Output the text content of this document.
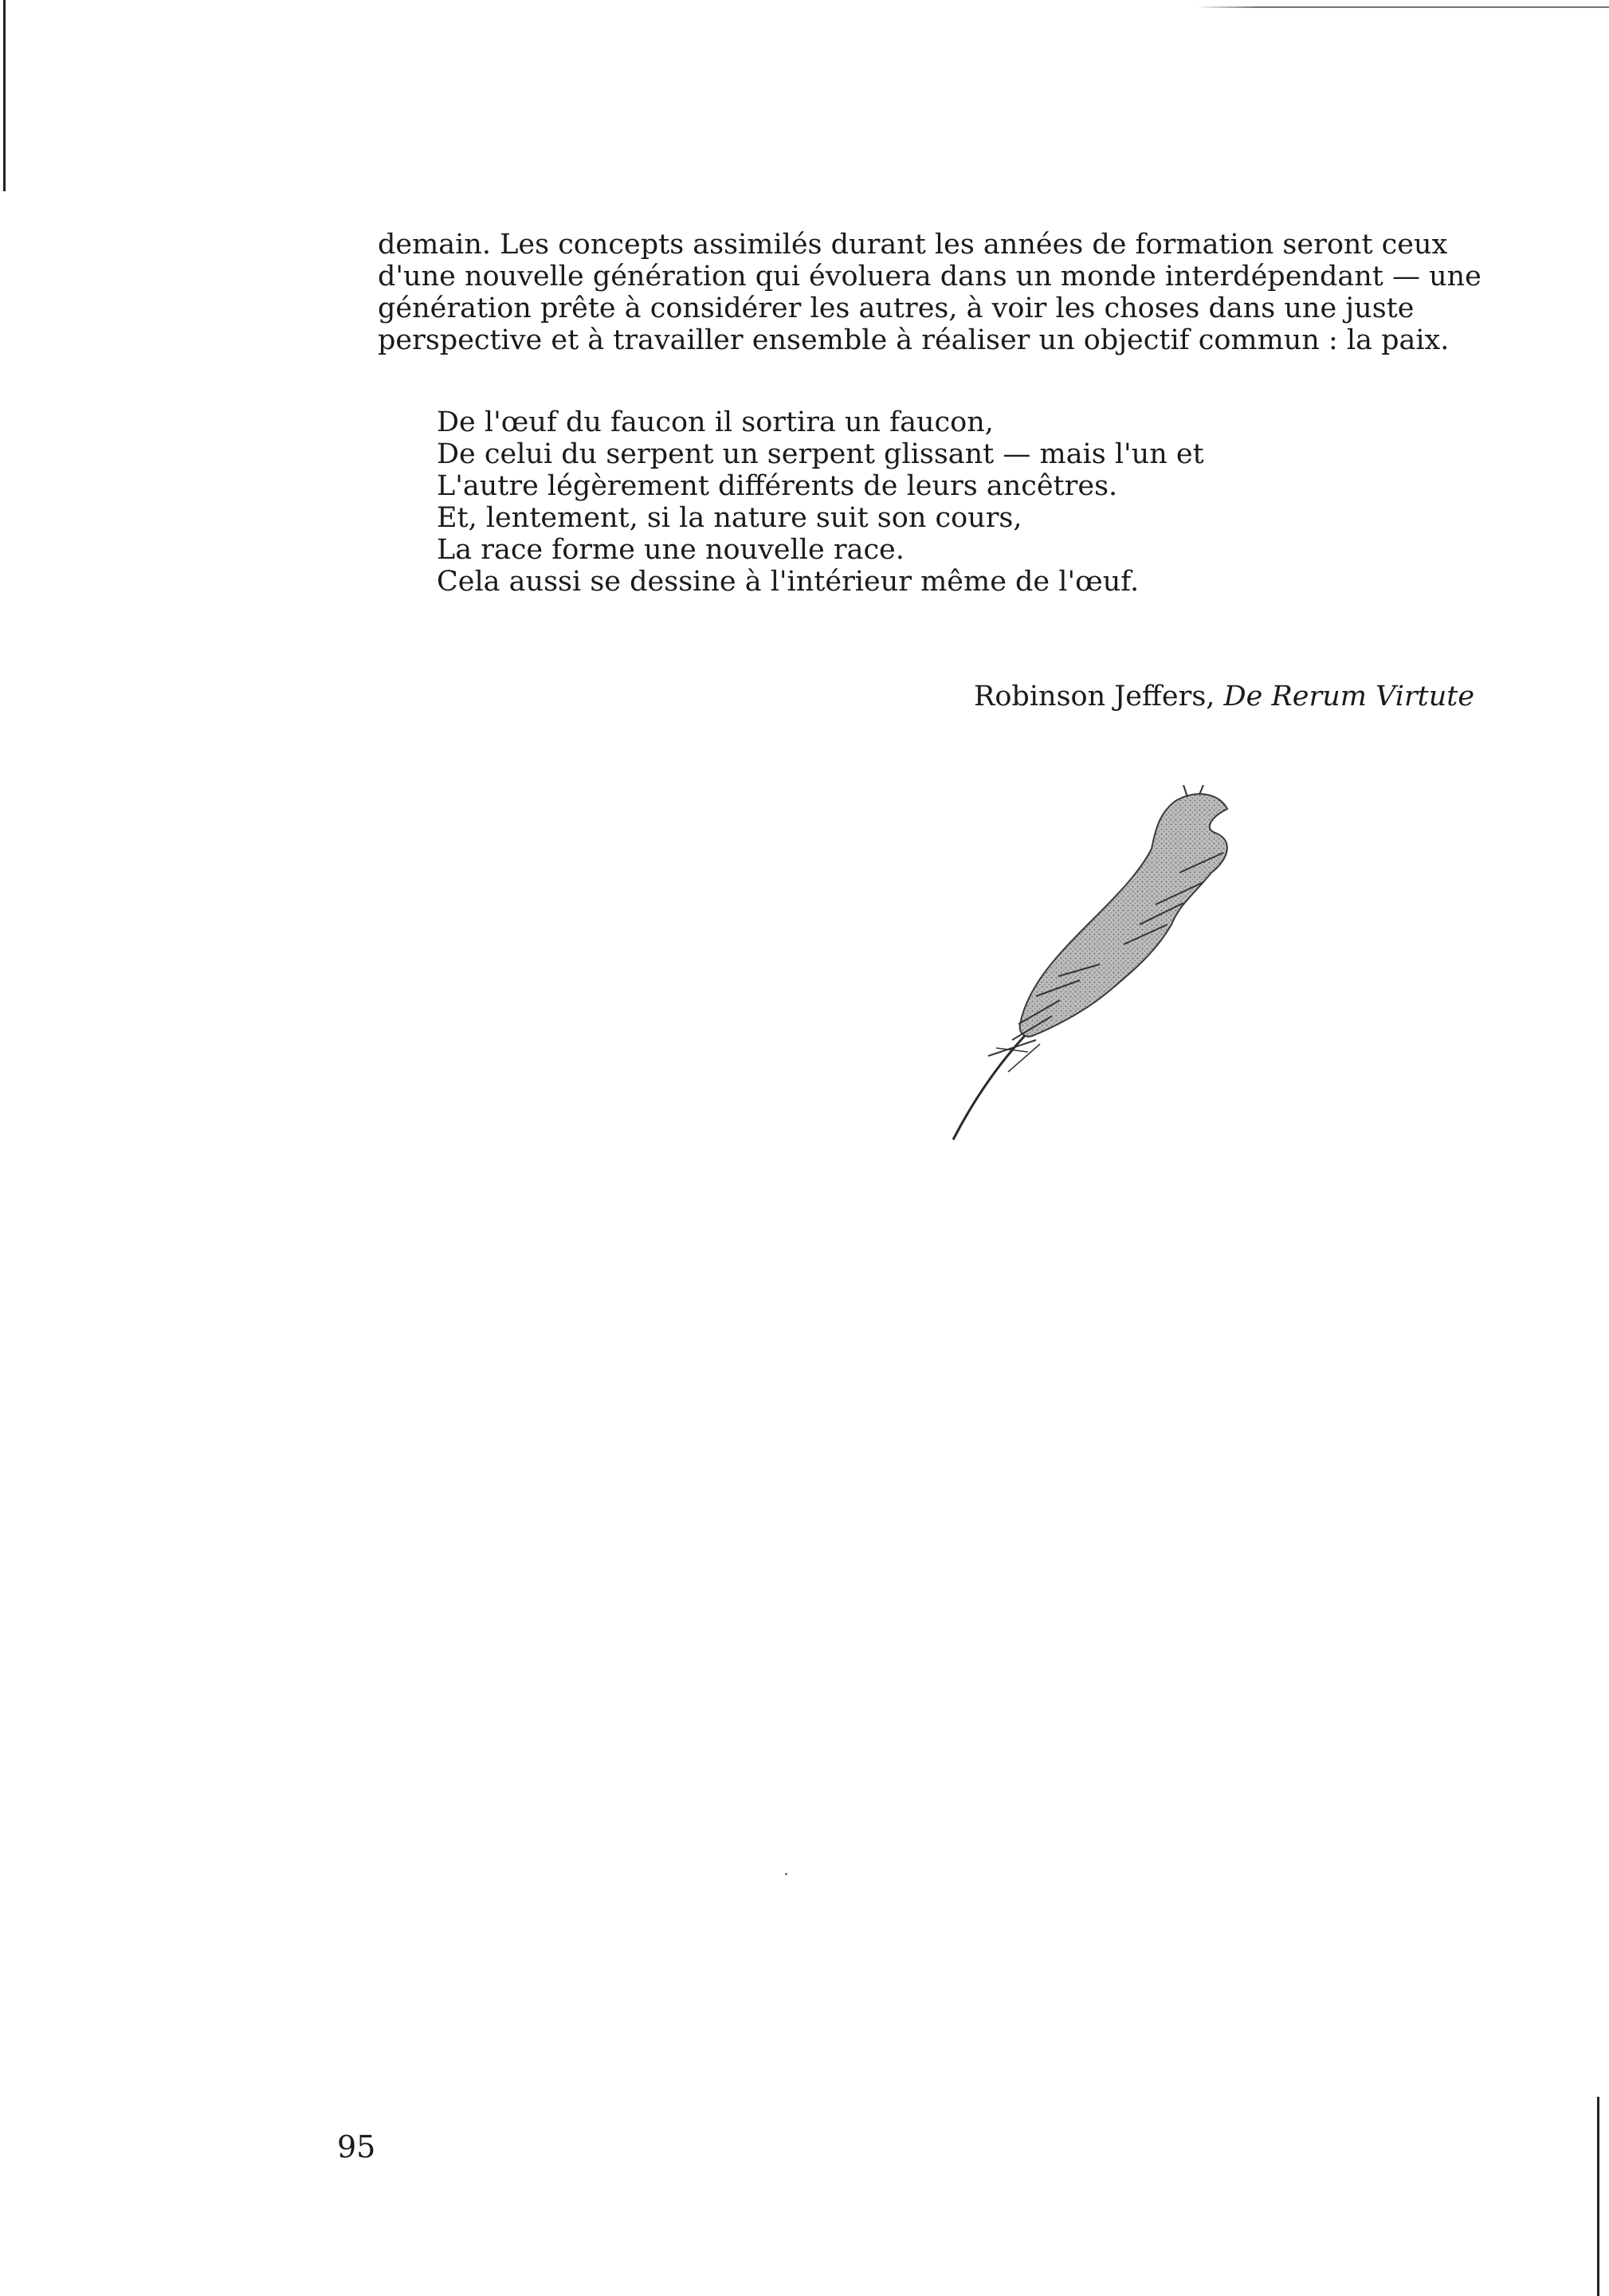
demain. Les concepts assimilés durant les années de formation seront ceux
d'une nouvelle génération qui évoluera dans un monde interdépendant — une
génération prête à considérer les autres, à voir les choses dans une juste
perspective et à travailler ensemble à réaliser un objectif commun : la paix.

De l'œuf du faucon il sortira un faucon,
De celui du serpent un serpent glissant — mais l'un et
L'autre légèrement différents de leurs ancêtres.
Et, lentement, si la nature suit son cours,
La race forme une nouvelle race.
Cela aussi se dessine à l'intérieur même de l'œuf.

Robinson Jeffers, De Rerum Virtute
95
